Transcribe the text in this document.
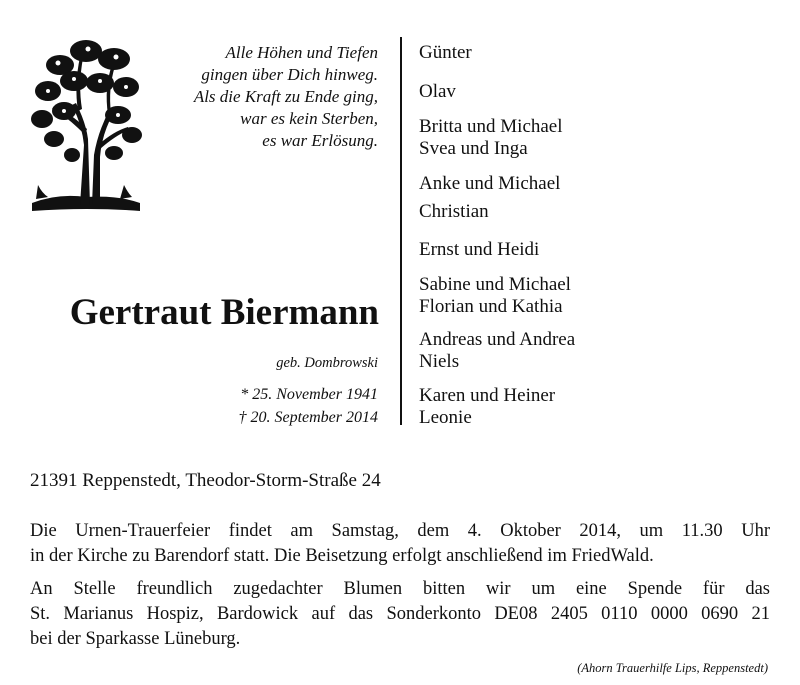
Alle Höhen und Tiefen
gingen über Dich hinweg.
Als die Kraft zu Ende ging,
war es kein Sterben,
es war Erlösung.
Gertraut Biermann
geb. Dombrowski
* 25. November 1941
† 20. September 2014
Günter
Olav
Britta und Michael
Svea und Inga
Anke und Michael
Christian
Ernst und Heidi
Sabine und Michael
Florian und Kathia
Andreas und Andrea
Niels
Karen und Heiner
Leonie
21391 Reppenstedt, Theodor-Storm-Straße 24
Die Urnen-Trauerfeier findet am Samstag, dem 4. Oktober 2014, um 11.30 Uhr
in der Kirche zu Barendorf statt. Die Beisetzung erfolgt anschließend im FriedWald.
An Stelle freundlich zugedachter Blumen bitten wir um eine Spende für das
St. Marianus Hospiz, Bardowick auf das Sonderkonto DE08 2405 0110 0000 0690 21
bei der Sparkasse Lüneburg.
(Ahorn Trauerhilfe Lips, Reppenstedt)
